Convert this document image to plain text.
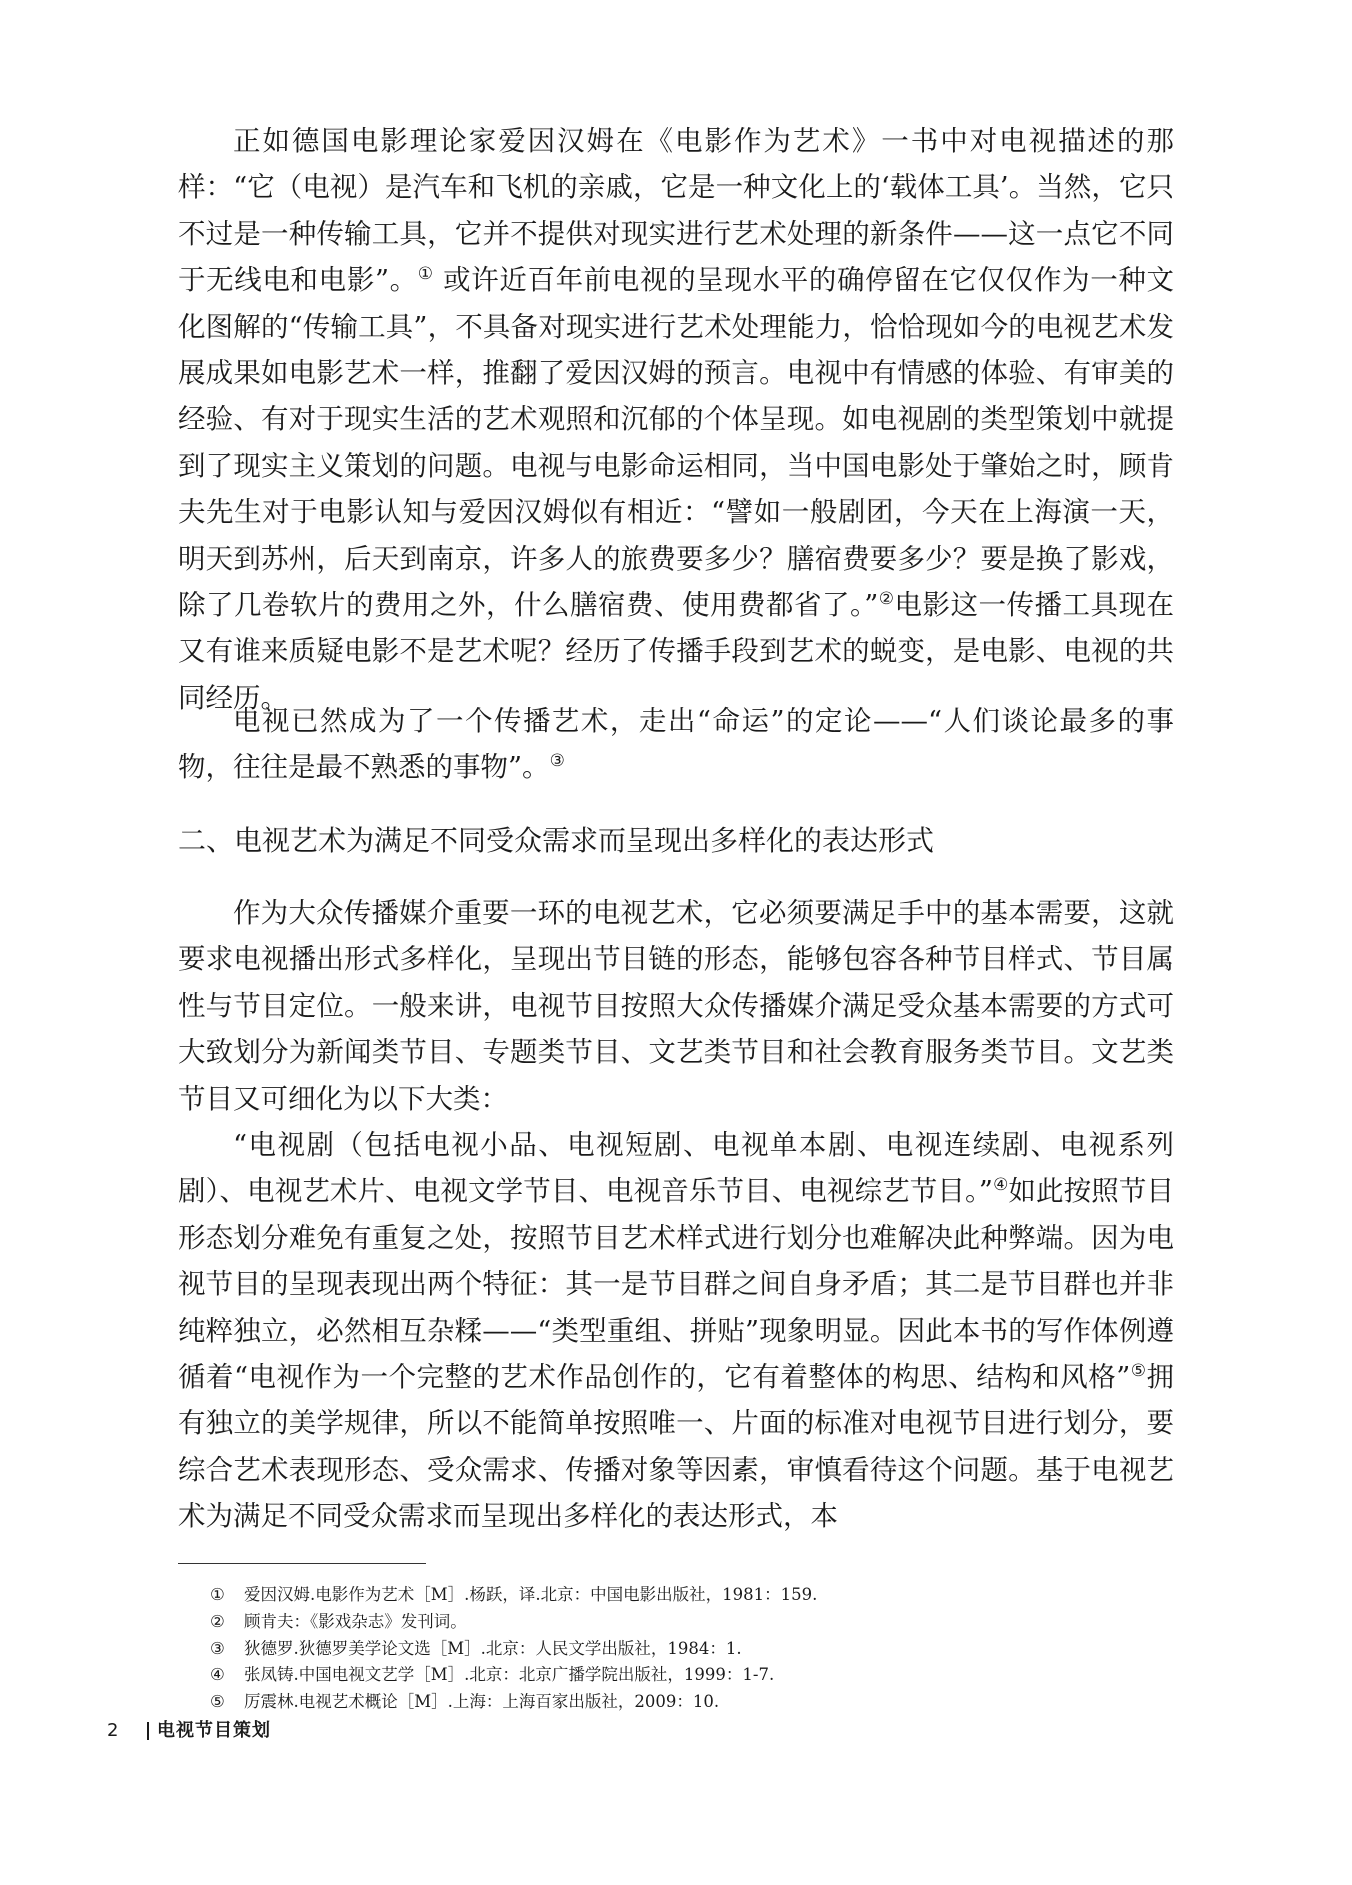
正如德国电影理论家爱因汉姆在《电影作为艺术》一书中对电视描述的那样：“它（电视）是汽车和飞机的亲戚，它是一种文化上的‘载体工具’。当然，它只不过是一种传输工具，它并不提供对现实进行艺术处理的新条件——这一点它不同于无线电和电影”。① 或许近百年前电视的呈现水平的确停留在它仅仅作为一种文化图解的“传输工具”，不具备对现实进行艺术处理能力，恰恰现如今的电视艺术发展成果如电影艺术一样，推翻了爱因汉姆的预言。电视中有情感的体验、有审美的经验、有对于现实生活的艺术观照和沉郁的个体呈现。如电视剧的类型策划中就提到了现实主义策划的问题。电视与电影命运相同，当中国电影处于肇始之时，顾肯夫先生对于电影认知与爱因汉姆似有相近：“譬如一般剧团，今天在上海演一天，明天到苏州，后天到南京，许多人的旅费要多少？膳宿费要多少？要是换了影戏，除了几卷软片的费用之外，什么膳宿费、使用费都省了。”②电影这一传播工具现在又有谁来质疑电影不是艺术呢？经历了传播手段到艺术的蜕变，是电影、电视的共同经历。

电视已然成为了一个传播艺术，走出“命运”的定论——“人们谈论最多的事物，往往是最不熟悉的事物”。③

二、电视艺术为满足不同受众需求而呈现出多样化的表达形式

作为大众传播媒介重要一环的电视艺术，它必须要满足手中的基本需要，这就要求电视播出形式多样化，呈现出节目链的形态，能够包容各种节目样式、节目属性与节目定位。一般来讲，电视节目按照大众传播媒介满足受众基本需要的方式可大致划分为新闻类节目、专题类节目、文艺类节目和社会教育服务类节目。文艺类节目又可细化为以下大类：

“电视剧（包括电视小品、电视短剧、电视单本剧、电视连续剧、电视系列剧）、电视艺术片、电视文学节目、电视音乐节目、电视综艺节目。”④如此按照节目形态划分难免有重复之处，按照节目艺术样式进行划分也难解决此种弊端。因为电视节目的呈现表现出两个特征：其一是节目群之间自身矛盾；其二是节目群也并非纯粹独立，必然相互杂糅——“类型重组、拼贴”现象明显。因此本书的写作体例遵循着“电视作为一个完整的艺术作品创作的，它有着整体的构思、结构和风格”⑤拥有独立的美学规律，所以不能简单按照唯一、片面的标准对电视节目进行划分，要综合艺术表现形态、受众需求、传播对象等因素，审慎看待这个问题。基于电视艺术为满足不同受众需求而呈现出多样化的表达形式，本

①	爱因汉姆.电影作为艺术［M］.杨跃，译.北京：中国电影出版社，1981：159.
②	顾肯夫：《影戏杂志》发刊词。
③	狄德罗.狄德罗美学论文选［M］.北京：人民文学出版社，1984：1.
④	张凤铸.中国电视文艺学［M］.北京：北京广播学院出版社，1999：1-7.
⑤	厉震林.电视艺术概论［M］.上海：上海百家出版社，2009：10.
2	电视节目策划
